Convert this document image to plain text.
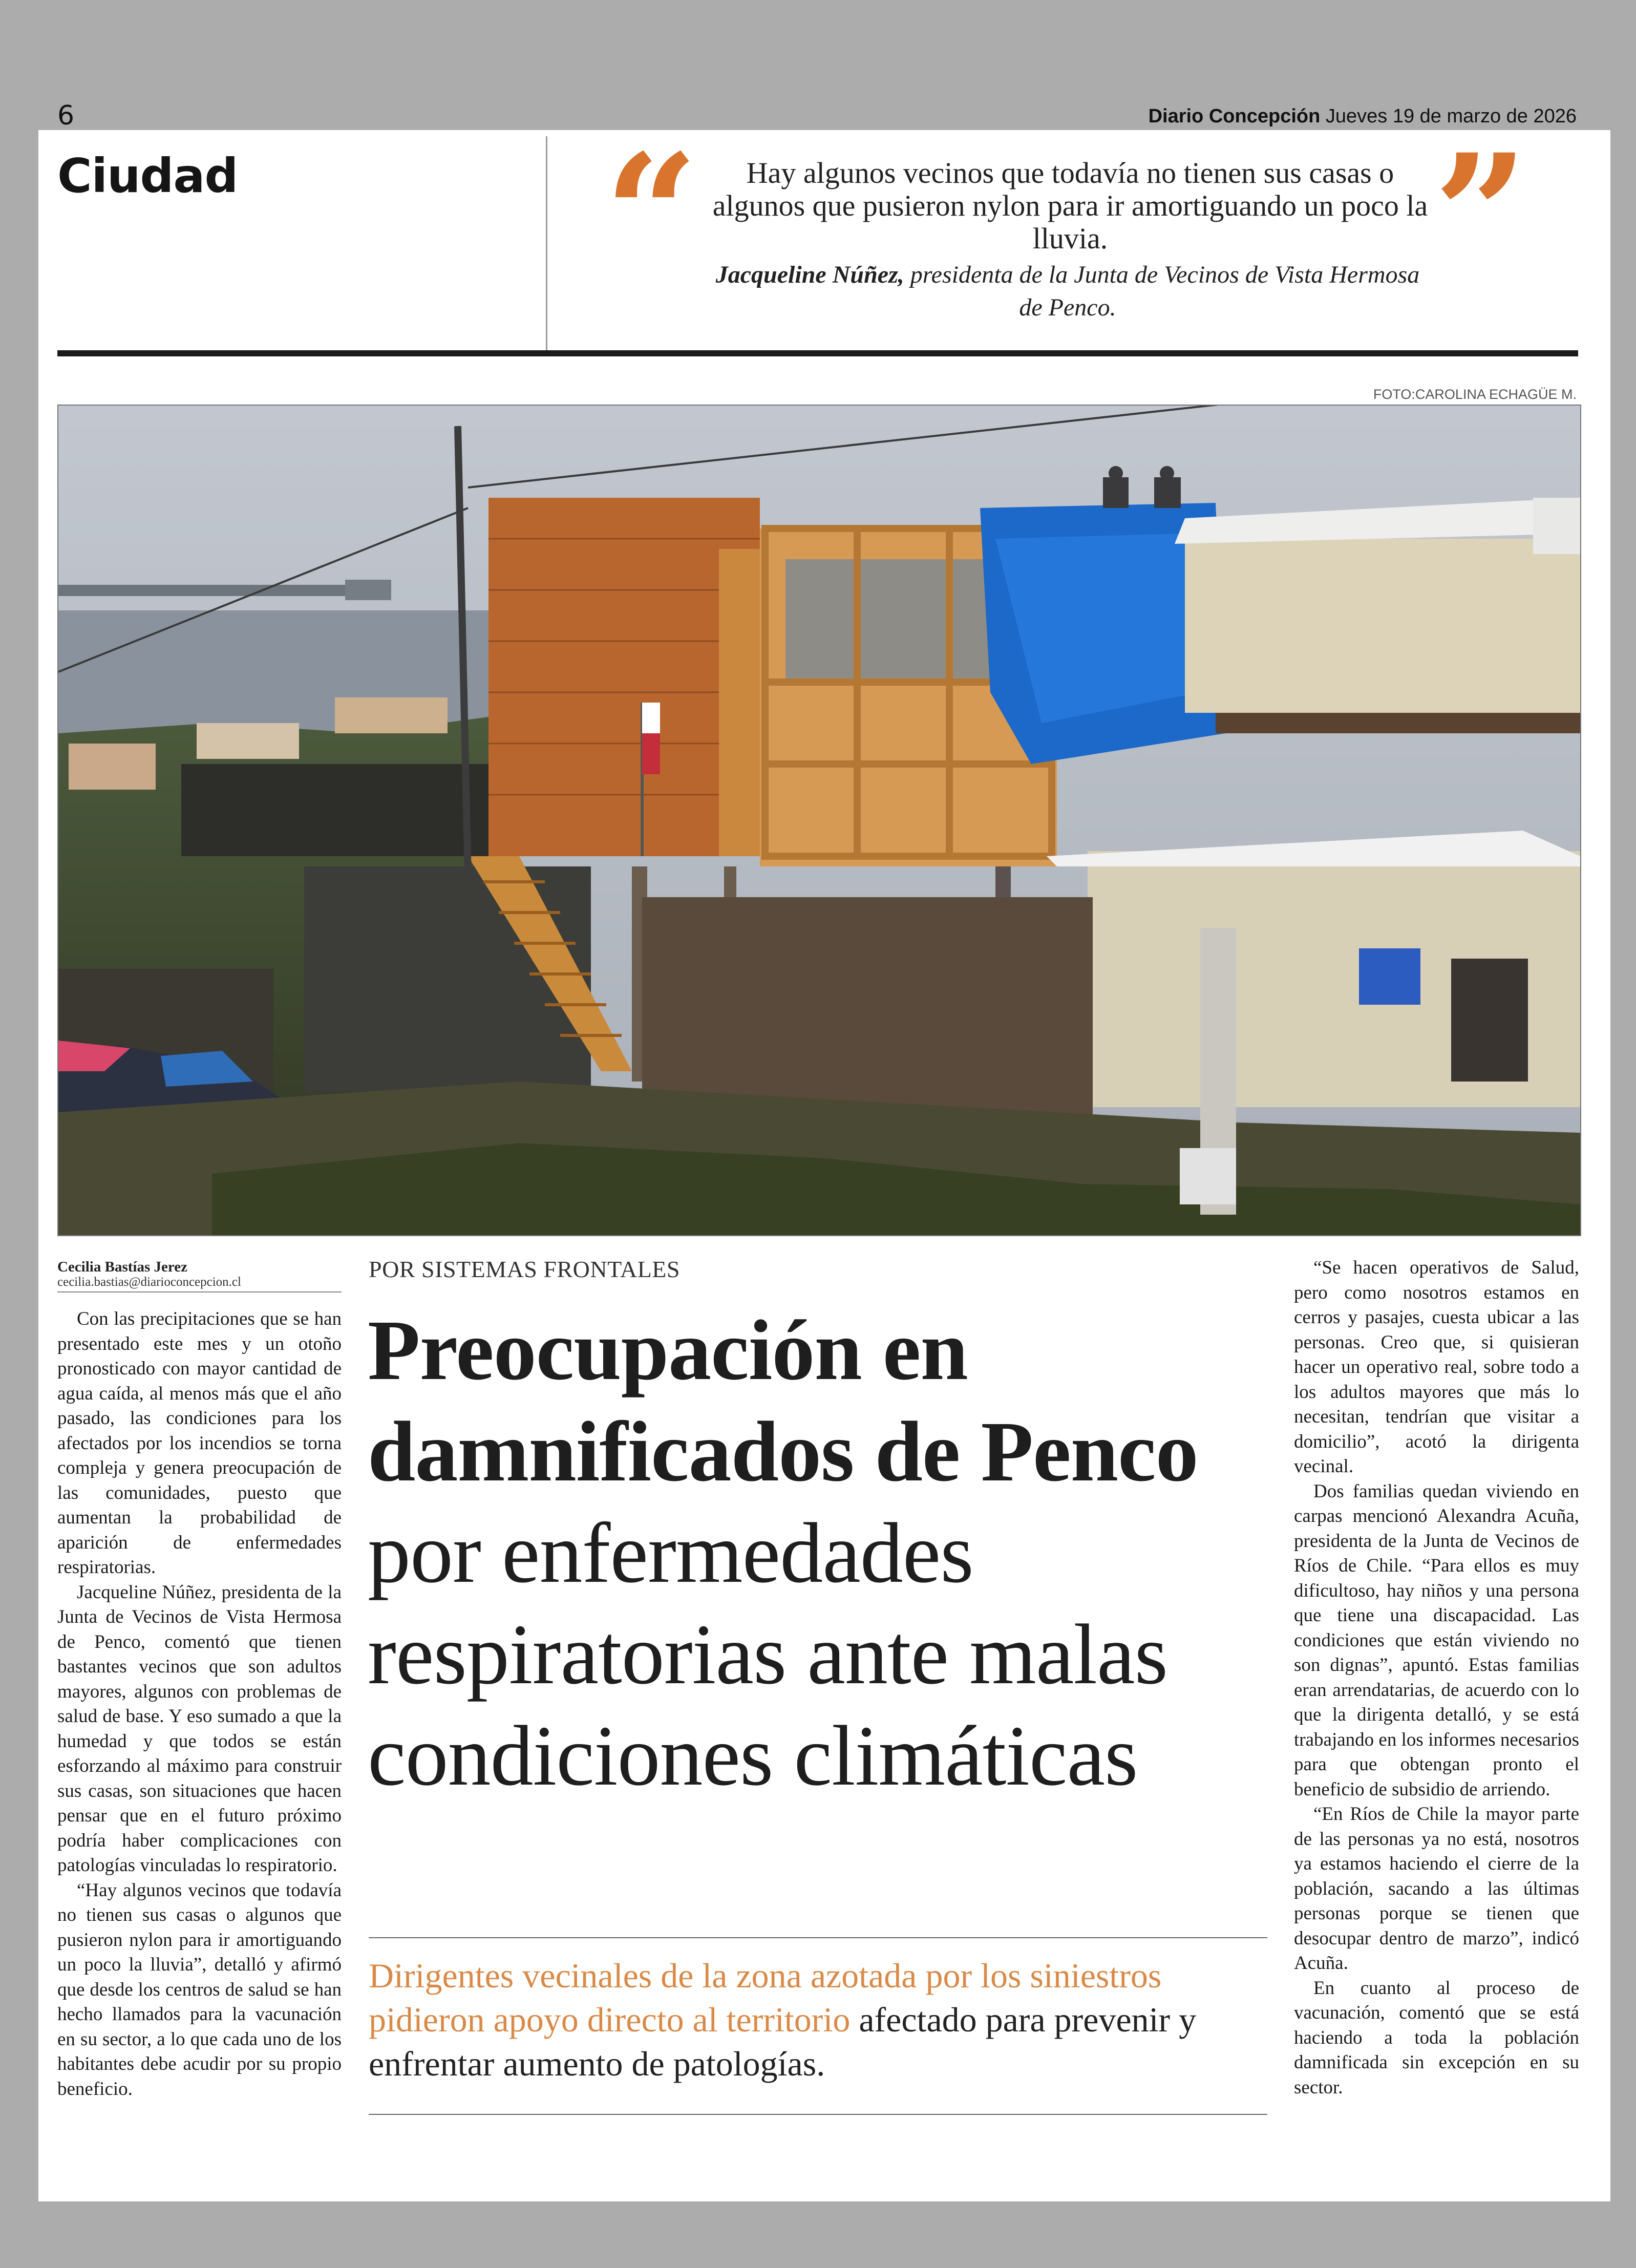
6	Diario Concepción Jueves 19 de marzo de 2026
Ciudad “	”
Hay algunos vecinos que todavía no tienen sus casas o algunos que pusieron nylon para ir amortiguando un poco la lluvia.
Jacqueline Núñez, presidenta de la Junta de Vecinos de Vista Hermosa de Penco.
FOTO:CAROLINA ECHAGÜE M.
Cecilia Bastías Jerez
cecilia.bastias@diarioconcepcion.cl

Con las precipitaciones que se han presentado este mes y un otoño pronosticado con mayor cantidad de agua caída, al menos más que el año pasado, las condiciones para los afectados por los incendios se torna compleja y genera preocupación de las comunidades, puesto que aumentan la probabilidad de aparición de enfermedades respiratorias.

Jacqueline Núñez, presidenta de la Junta de Vecinos de Vista Hermosa de Penco, comentó que tienen bastantes vecinos que son adultos mayores, algunos con problemas de salud de base. Y eso sumado a que la humedad y que todos se están esforzando al máximo para construir sus casas, son situaciones que hacen pensar que en el futuro próximo podría haber complicaciones con patologías vinculadas lo respiratorio.

“Hay algunos vecinos que todavía no tienen sus casas o algunos que pusieron nylon para ir amortiguando un poco la lluvia”, detalló y afirmó que desde los centros de salud se han hecho llamados para la vacunación en su sector, a lo que cada uno de los habitantes debe acudir por su propio beneficio.

POR SISTEMAS FRONTALES
Preocupación en damnificados de Penco por enfermedades respiratorias ante malas condiciones climáticas
Dirigentes vecinales de la zona azotada por los siniestros pidieron apoyo directo al territorio afectado para prevenir y enfrentar aumento de patologías.

“Se hacen operativos de Salud, pero como nosotros estamos en cerros y pasajes, cuesta ubicar a las personas. Creo que, si quisieran hacer un operativo real, sobre todo a los adultos mayores que más lo necesitan, tendrían que visitar a domicilio”, acotó la dirigenta vecinal.

Dos familias quedan viviendo en carpas mencionó Alexandra Acuña, presidenta de la Junta de Vecinos de Ríos de Chile. “Para ellos es muy dificultoso, hay niños y una persona que tiene una discapacidad. Las condiciones que están viviendo no son dignas”, apuntó. Estas familias eran arrendatarias, de acuerdo con lo que la dirigenta detalló, y se está trabajando en los informes necesarios para que obtengan pronto el beneficio de subsidio de arriendo.

“En Ríos de Chile la mayor parte de las personas ya no está, nosotros ya estamos haciendo el cierre de la población, sacando a las últimas personas porque se tienen que desocupar dentro de marzo”, indicó Acuña.

En cuanto al proceso de vacunación, comentó que se está haciendo a toda la población damnificada sin excepción en su sector.
